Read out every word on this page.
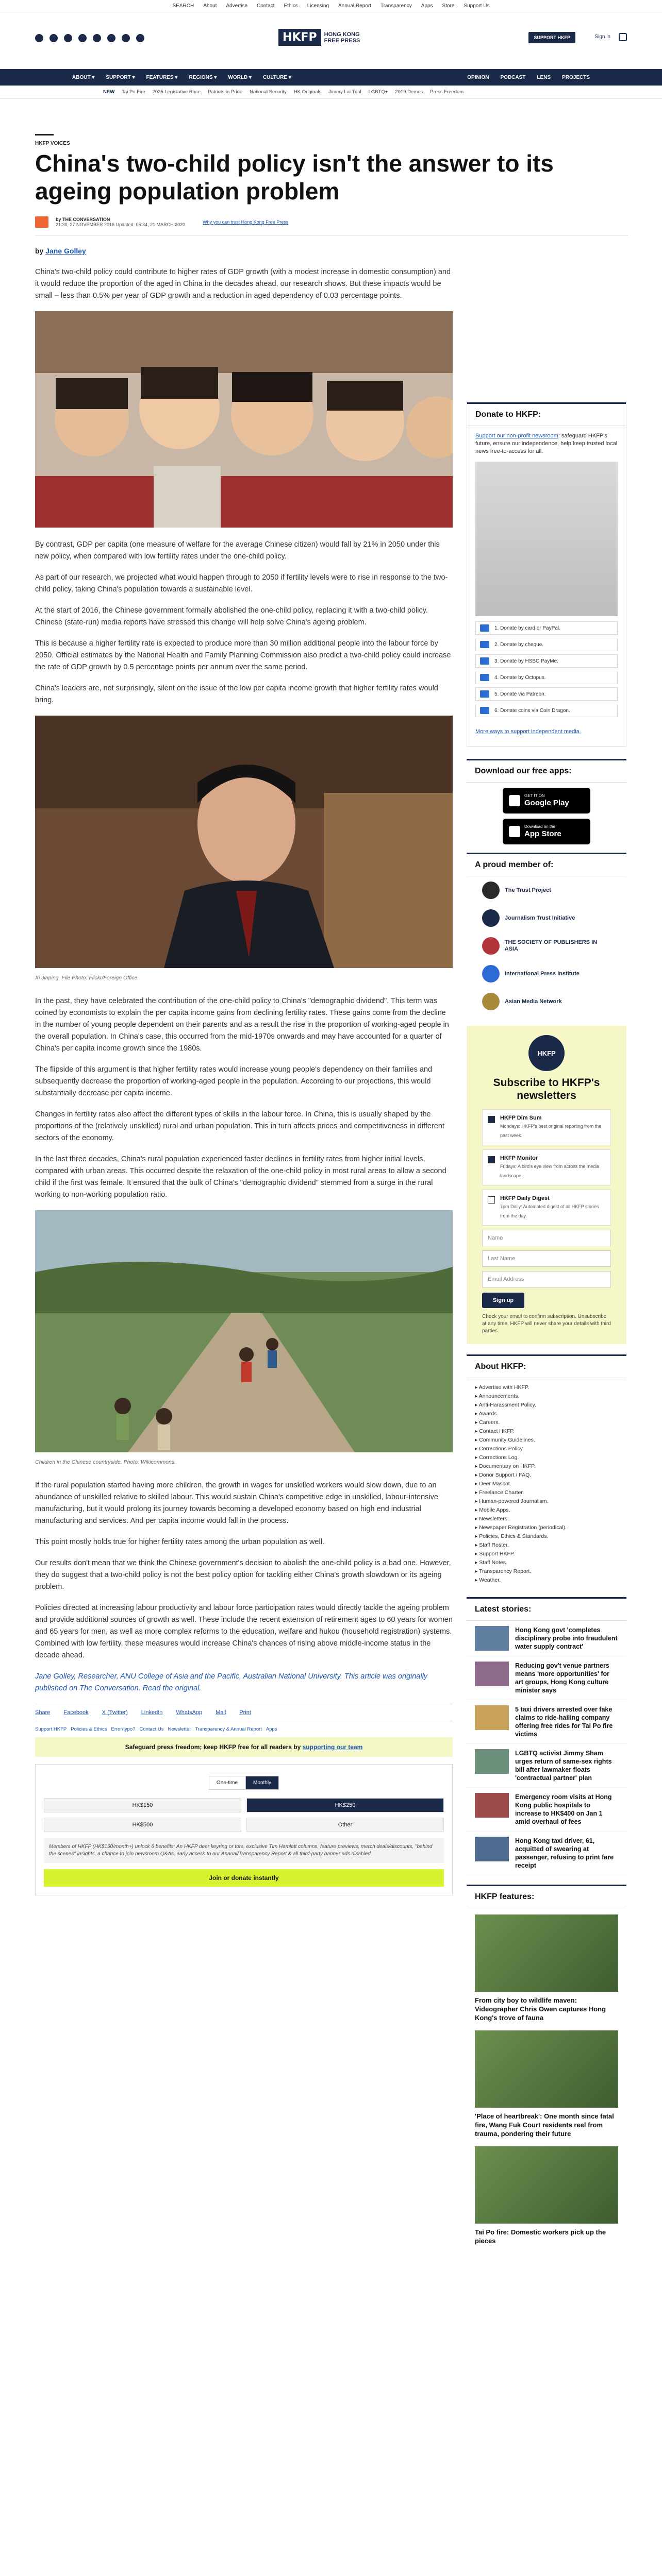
SEARCH About Advertise Contact Ethics Licensing Annual Report Transparency Apps Store Support Us
HKFP	HONG KONG FREE PRESS	SUPPORT HKFP	Sign in
ABOUT ▾ SUPPORT ▾ FEATURES ▾ REGIONS ▾ WORLD ▾ CULTURE ▾	OPINION PODCAST LENS PROJECTS
NEW Tai Po Fire 2025 Legislative Race Patriots in Pride National Security HK Originals Jimmy Lai Trial LGBTQ+ 2019 Demos Press Freedom
HKFP VOICES
China's two-child policy isn't the answer to its ageing population problem
by THE CONVERSATION
21:30, 27 NOVEMBER 2016 Updated: 05:34, 21 MARCH 2020	Why you can trust Hong Kong Free Press
by Jane Golley

China's two-child policy could contribute to higher rates of GDP growth (with a modest increase in domestic consumption) and it would reduce the proportion of the aged in China in the decades ahead, our research shows. But these impacts would be small – less than 0.5% per year of GDP growth and a reduction in aged dependency of 0.03 percentage points.

By contrast, GDP per capita (one measure of welfare for the average Chinese citizen) would fall by 21% in 2050 under this new policy, when compared with low fertility rates under the one-child policy.

As part of our research, we projected what would happen through to 2050 if fertility levels were to rise in response to the two-child policy, taking China's population towards a sustainable level.

At the start of 2016, the Chinese government formally abolished the one-child policy, replacing it with a two-child policy. Chinese (state-run) media reports have stressed this change will help solve China's ageing problem.

This is because a higher fertility rate is expected to produce more than 30 million additional people into the labour force by 2050. Official estimates by the National Health and Family Planning Commission also predict a two-child policy could increase the rate of GDP growth by 0.5 percentage points per annum over the same period.

China's leaders are, not surprisingly, silent on the issue of the low per capita income growth that higher fertility rates would bring.

Xi Jinping. File Photo: Flickr/Foreign Office.

In the past, they have celebrated the contribution of the one-child policy to China's "demographic dividend". This term was coined by economists to explain the per capita income gains from declining fertility rates. These gains come from the decline in the number of young people dependent on their parents and as a result the rise in the proportion of working-aged people in the overall population. In China's case, this occurred from the mid-1970s onwards and may have accounted for a quarter of China's per capita income growth since the 1980s.

The flipside of this argument is that higher fertility rates would increase young people's dependency on their families and subsequently decrease the proportion of working-aged people in the population. According to our projections, this would substantially decrease per capita income.

Changes in fertility rates also affect the different types of skills in the labour force. In China, this is usually shaped by the proportions of the (relatively unskilled) rural and urban population. This in turn affects prices and competitiveness in different sectors of the economy.

In the last three decades, China's rural population experienced faster declines in fertility rates from higher initial levels, compared with urban areas. This occurred despite the relaxation of the one-child policy in most rural areas to allow a second child if the first was female. It ensured that the bulk of China's "demographic dividend" stemmed from a surge in the rural working to non-working population ratio.

Children in the Chinese countryside. Photo: Wikicommons.

If the rural population started having more children, the growth in wages for unskilled workers would slow down, due to an abundance of unskilled relative to skilled labour. This would sustain China's competitive edge in unskilled, labour-intensive manufacturing, but it would prolong its journey towards becoming a developed economy based on high end industrial manufacturing and services. And per capita income would fall in the process.

This point mostly holds true for higher fertility rates among the urban population as well.

Our results don't mean that we think the Chinese government's decision to abolish the one-child policy is a bad one. However, they do suggest that a two-child policy is not the best policy option for tackling either China's growth slowdown or its ageing problem.

Policies directed at increasing labour productivity and labour force participation rates would directly tackle the ageing problem and provide additional sources of growth as well. These include the recent extension of retirement ages to 60 years for women and 65 years for men, as well as more complex reforms to the education, welfare and hukou (household registration) systems. Combined with low fertility, these measures would increase China's chances of rising above middle-income status in the decade ahead.

Jane Golley, Researcher, ANU College of Asia and the Pacific, Australian National University. This article was originally published on The Conversation. Read the original.

Share Facebook X (Twitter) LinkedIn WhatsApp Mail Print
Support HKFP Policies & Ethics Error/typo? Contact Us Newsletter Transparency & Annual Report Apps
Safeguard press freedom; keep HKFP free for all readers by supporting our team
One-time	Monthly
HK$150	HK$250
HK$500	Other
Members of HKFP (HK$150/month+) unlock 6 benefits: An HKFP deer keyring or tote, exclusive Tim Hamlett columns, feature previews, merch deals/discounts, "behind the scenes" insights, a chance to join newsroom Q&As, early access to our Annual/Transparency Report & all third-party banner ads disabled.
Join or donate instantly
Donate to HKFP:
Support our non-profit newsroom: safeguard HKFP's future, ensure our independence, help keep trusted local news free-to-access for all.
1. Donate by card or PayPal.
2. Donate by cheque.
3. Donate by HSBC PayMe.
4. Donate by Octopus.
5. Donate via Patreon.
6. Donate coins via Coin Dragon.
More ways to support independent media.
Download our free apps:
GET IT ON
Google Play
Download on the
App Store
A proud member of:
The Trust Project
Journalism Trust Initiative
THE SOCIETY OF PUBLISHERS IN ASIA
International Press Institute
Asian Media Network
HKFP
Subscribe to HKFP's newsletters
HKFP Dim Sum
Mondays: HKFP's best original reporting from the past week.
HKFP Monitor
Fridays: A bird's eye view from across the media landscape.
HKFP Daily Digest
7pm Daily: Automated digest of all HKFP stories from the day.
Name
Last Name
Email Address
Sign up
Check your email to confirm subscription. Unsubscribe at any time. HKFP will never share your details with third parties.
About HKFP:
▸ Advertise with HKFP.
▸ Announcements.
▸ Anti-Harassment Policy.
▸ Awards.
▸ Careers.
▸ Contact HKFP.
▸ Community Guidelines.
▸ Corrections Policy.
▸ Corrections Log.
▸ Documentary on HKFP.
▸ Donor Support / FAQ.
▸ Deer Mascot.
▸ Freelance Charter.
▸ Human-powered Journalism.
▸ Mobile Apps.
▸ Newsletters.
▸ Newspaper Registration (periodical).
▸ Policies, Ethics & Standards.
▸ Staff Roster.
▸ Support HKFP.
▸ Staff Notes.
▸ Transparency Report.
▸ Weather.
Latest stories:
Hong Kong govt 'completes disciplinary probe into fraudulent water supply contract'
Reducing gov't venue partners means 'more opportunities' for art groups, Hong Kong culture minister says
5 taxi drivers arrested over fake claims to ride-hailing company offering free rides for Tai Po fire victims
LGBTQ activist Jimmy Sham urges return of same-sex rights bill after lawmaker floats 'contractual partner' plan
Emergency room visits at Hong Kong public hospitals to increase to HK$400 on Jan 1 amid overhaul of fees
Hong Kong taxi driver, 61, acquitted of swearing at passenger, refusing to print fare receipt
HKFP features:
From city boy to wildlife maven: Videographer Chris Owen captures Hong Kong's trove of fauna
'Place of heartbreak': One month since fatal fire, Wang Fuk Court residents reel from trauma, pondering their future
Tai Po fire: Domestic workers pick up the pieces
